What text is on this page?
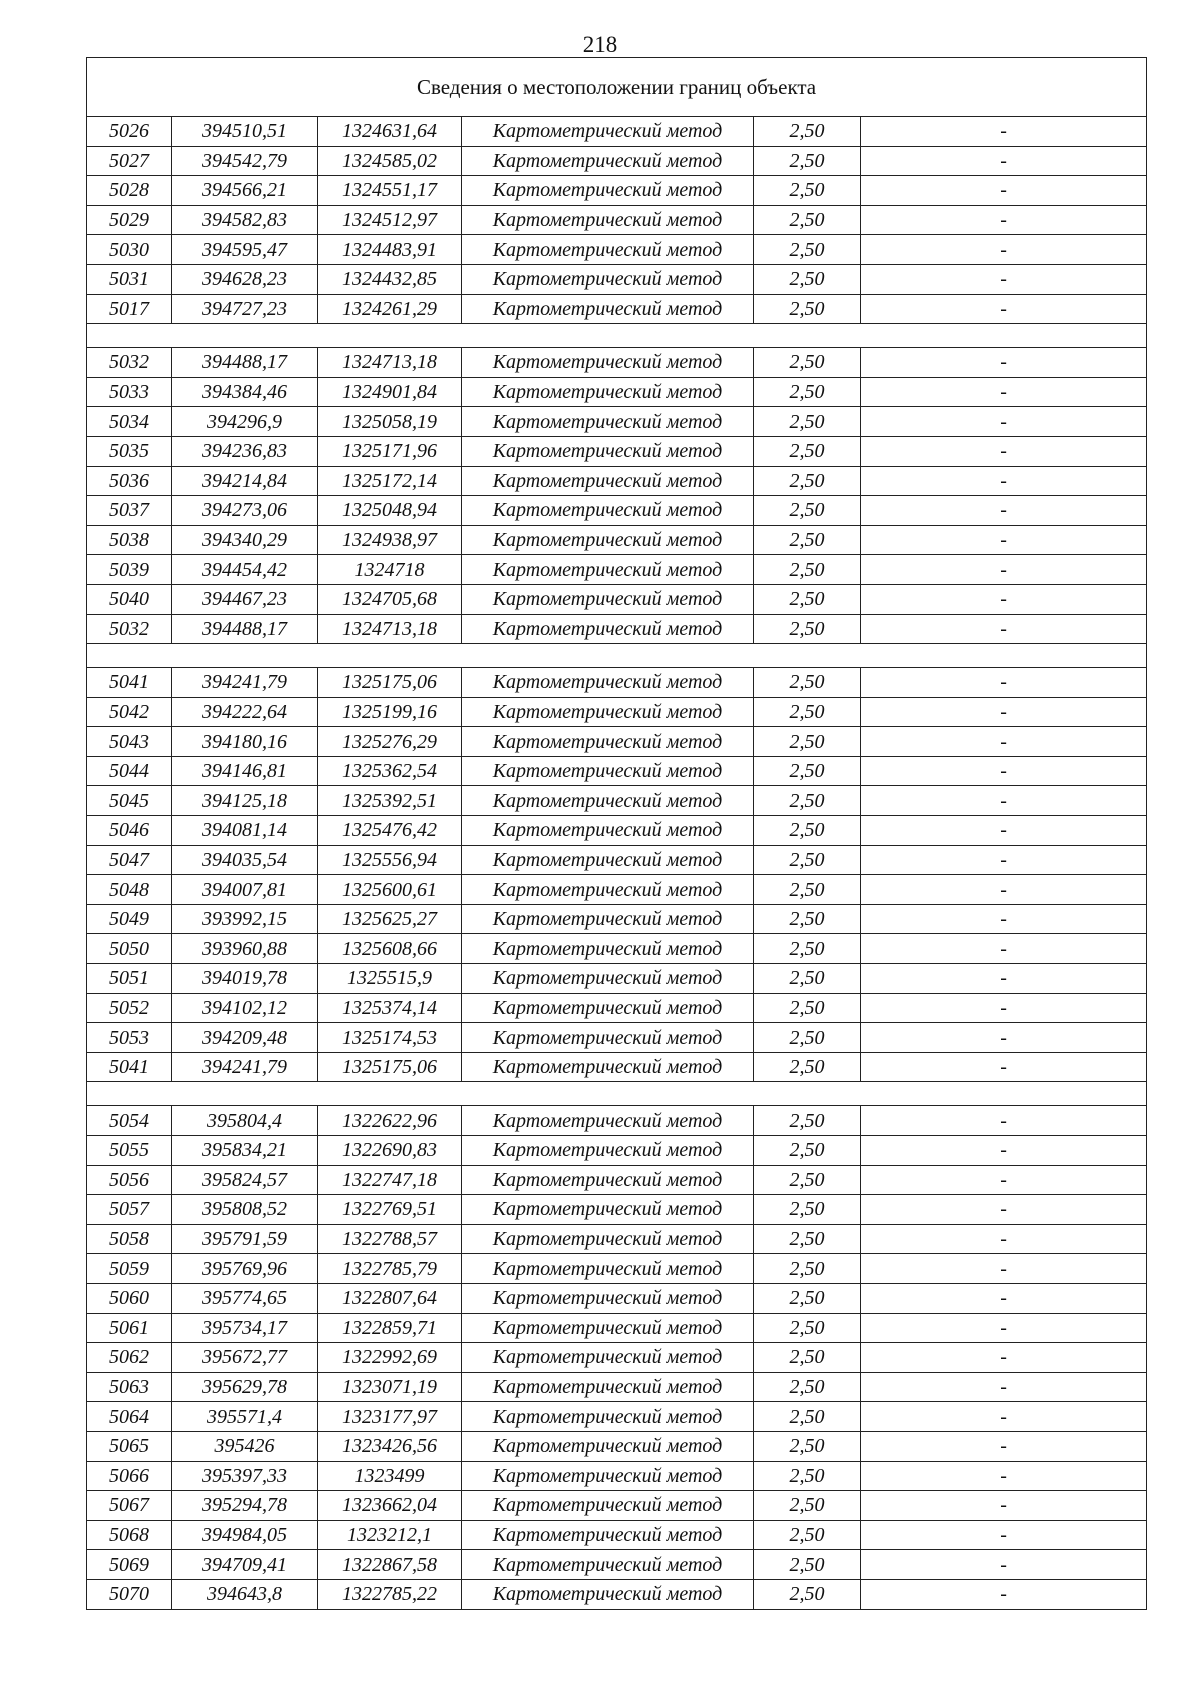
218
Сведения о местоположении границ объекта					
5026	394510,51	1324631,64	Картометрический метод	2,50	-
5027	394542,79	1324585,02	Картометрический метод	2,50	-
5028	394566,21	1324551,17	Картометрический метод	2,50	-
5029	394582,83	1324512,97	Картометрический метод	2,50	-
5030	394595,47	1324483,91	Картометрический метод	2,50	-
5031	394628,23	1324432,85	Картометрический метод	2,50	-
5017	394727,23	1324261,29	Картометрический метод	2,50	-

5032	394488,17	1324713,18	Картометрический метод	2,50	-
5033	394384,46	1324901,84	Картометрический метод	2,50	-
5034	394296,9	1325058,19	Картометрический метод	2,50	-
5035	394236,83	1325171,96	Картометрический метод	2,50	-
5036	394214,84	1325172,14	Картометрический метод	2,50	-
5037	394273,06	1325048,94	Картометрический метод	2,50	-
5038	394340,29	1324938,97	Картометрический метод	2,50	-
5039	394454,42	1324718	Картометрический метод	2,50	-
5040	394467,23	1324705,68	Картометрический метод	2,50	-
5032	394488,17	1324713,18	Картометрический метод	2,50	-

5041	394241,79	1325175,06	Картометрический метод	2,50	-
5042	394222,64	1325199,16	Картометрический метод	2,50	-
5043	394180,16	1325276,29	Картометрический метод	2,50	-
5044	394146,81	1325362,54	Картометрический метод	2,50	-
5045	394125,18	1325392,51	Картометрический метод	2,50	-
5046	394081,14	1325476,42	Картометрический метод	2,50	-
5047	394035,54	1325556,94	Картометрический метод	2,50	-
5048	394007,81	1325600,61	Картометрический метод	2,50	-
5049	393992,15	1325625,27	Картометрический метод	2,50	-
5050	393960,88	1325608,66	Картометрический метод	2,50	-
5051	394019,78	1325515,9	Картометрический метод	2,50	-
5052	394102,12	1325374,14	Картометрический метод	2,50	-
5053	394209,48	1325174,53	Картометрический метод	2,50	-
5041	394241,79	1325175,06	Картометрический метод	2,50	-

5054	395804,4	1322622,96	Картометрический метод	2,50	-
5055	395834,21	1322690,83	Картометрический метод	2,50	-
5056	395824,57	1322747,18	Картометрический метод	2,50	-
5057	395808,52	1322769,51	Картометрический метод	2,50	-
5058	395791,59	1322788,57	Картометрический метод	2,50	-
5059	395769,96	1322785,79	Картометрический метод	2,50	-
5060	395774,65	1322807,64	Картометрический метод	2,50	-
5061	395734,17	1322859,71	Картометрический метод	2,50	-
5062	395672,77	1322992,69	Картометрический метод	2,50	-
5063	395629,78	1323071,19	Картометрический метод	2,50	-
5064	395571,4	1323177,97	Картометрический метод	2,50	-
5065	395426	1323426,56	Картометрический метод	2,50	-
5066	395397,33	1323499	Картометрический метод	2,50	-
5067	395294,78	1323662,04	Картометрический метод	2,50	-
5068	394984,05	1323212,1	Картометрический метод	2,50	-
5069	394709,41	1322867,58	Картометрический метод	2,50	-
5070	394643,8	1322785,22	Картометрический метод	2,50	-
